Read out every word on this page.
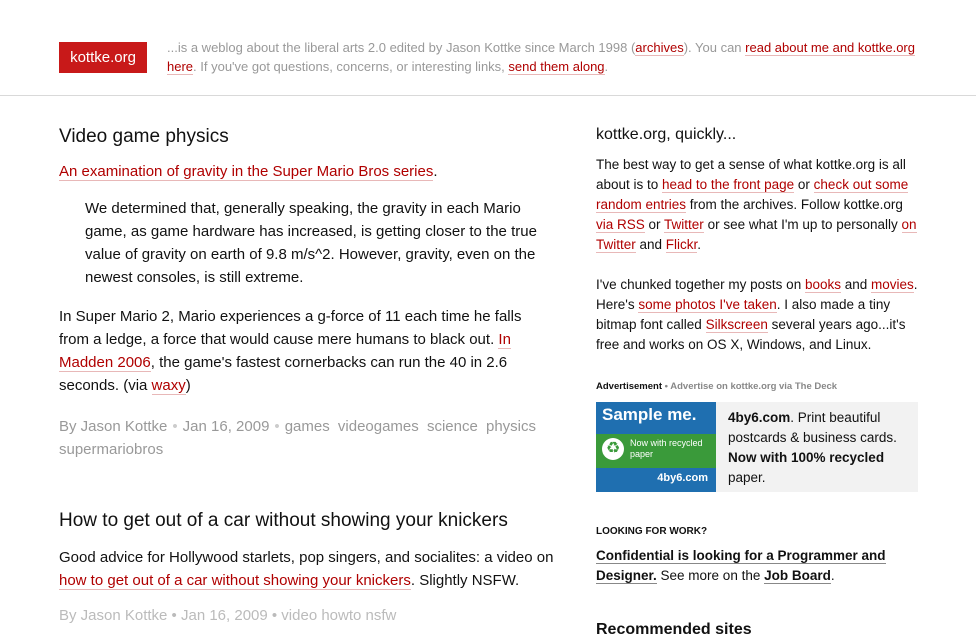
kottke.org
...is a weblog about the liberal arts 2.0 edited by Jason Kottke since March 1998 (archives). You can read about me and kottke.org here. If you've got questions, concerns, or interesting links, send them along.
Video game physics
An examination of gravity in the Super Mario Bros series.
We determined that, generally speaking, the gravity in each Mario game, as game hardware has increased, is getting closer to the true value of gravity on earth of 9.8 m/s^2. However, gravity, even on the newest consoles, is still extreme.

In Super Mario 2, Mario experiences a g-force of 11 each time he falls from a ledge, a force that would cause mere humans to black out. In Madden 2006, the game's fastest cornerbacks can run the 40 in 2.6 seconds. (via waxy)

By Jason Kottke • Jan 16, 2009 • games videogames science physics supermariobros
How to get out of a car without showing your knickers

Good advice for Hollywood starlets, pop singers, and socialites: a video on how to get out of a car without showing your knickers. Slightly NSFW.

By Jason Kottke • Jan 16, 2009 • video howto nsfw
kottke.org, quickly...

The best way to get a sense of what kottke.org is all about is to head to the front page or check out some random entries from the archives. Follow kottke.org via RSS or Twitter or see what I'm up to personally on Twitter and Flickr.

I've chunked together my posts on books and movies. Here's some photos I've taken. I also made a tiny bitmap font called Silkscreen several years ago...it's free and works on OS X, Windows, and Linux.

Advertisement • Advertise on kottke.org via The Deck
Sample me.
♻	Now with recycled paper
4by6.com
4by6.com. Print beautiful postcards & business cards. Now with 100% recycled paper.
LOOKING FOR WORK?
Confidential is looking for a Programmer and Designer. See more on the Job Board.
Recommended sites
